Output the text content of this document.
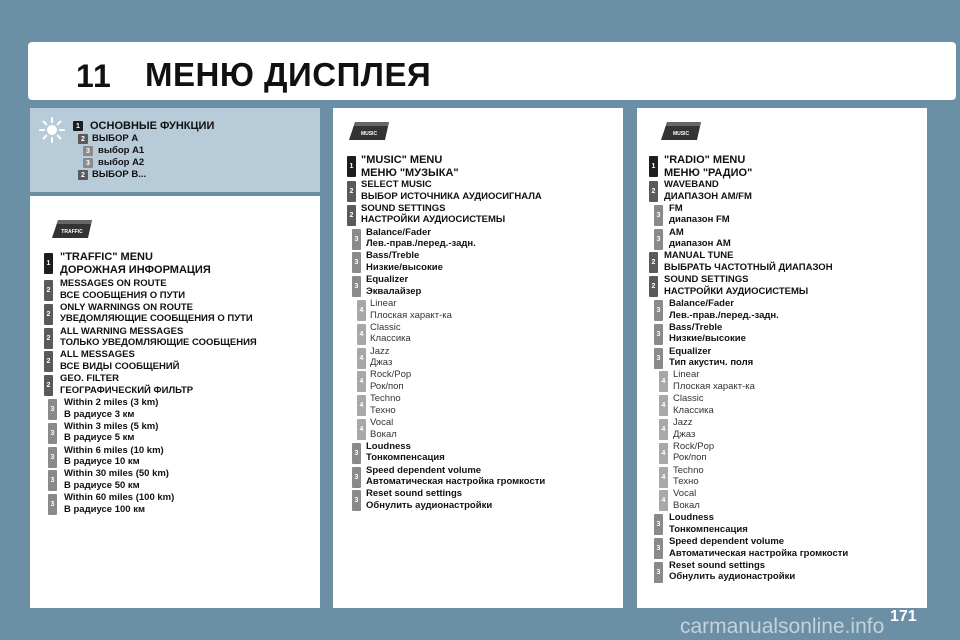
11 МЕНЮ ДИСПЛЕЯ
1 ОСНОВНЫЕ ФУНКЦИИ
2 ВЫБОР A
3 выбор A1
3 выбор A2
2 ВЫБОР B...
TRAFFIC
1
"TRAFFIC" MENU
ДОРОЖНАЯ ИНФОРМАЦИЯ
2
MESSAGES ON ROUTE
ВСЕ СООБЩЕНИЯ О ПУТИ
2
ONLY WARNINGS ON ROUTE
УВЕДОМЛЯЮЩИЕ СООБЩЕНИЯ О ПУТИ
2
ALL WARNING MESSAGES
ТОЛЬКО УВЕДОМЛЯЮЩИЕ СООБЩЕНИЯ
2
ALL MESSAGES
ВСЕ ВИДЫ СООБЩЕНИЙ
2
GEO. FILTER
ГЕОГРАФИЧЕСКИЙ ФИЛЬТР
3
Within 2 miles (3 km)
В радиусе 3 км
3
Within 3 miles (5 km)
В радиусе 5 км
3
Within 6 miles (10 km)
В радиусе 10 км
3
Within 30 miles (50 km)
В радиусе 50 км
3
Within 60 miles (100 km)
В радиусе 100 км
MUSIC
1
"MUSIC" MENU
МЕНЮ "МУЗЫКА"
2
SELECT MUSIC
ВЫБОР ИСТОЧНИКА АУДИОСИГНАЛА
2
SOUND SETTINGS
НАСТРОЙКИ АУДИОСИСТЕМЫ
3
Balance/Fader
Лев.-прав./перед.-задн.
3
Bass/Treble
Низкие/высокие
3
Equalizer
Эквалайзер
4
Linear
Плоская характ-ка
4
Classic
Классика
4
Jazz
Джаз
4
Rock/Pop
Рок/поп
4
Techno
Техно
4
Vocal
Вокал
3
Loudness
Тонкомпенсация
3
Speed dependent volume
Автоматическая настройка громкости
3
Reset sound settings
Обнулить аудионастройки
MUSIC
1
"RADIO" MENU
МЕНЮ "РАДИО"
2
WAVEBAND
ДИАПАЗОН AM/FM
3
FM
диапазон FM
3
AM
диапазон AM
2
MANUAL TUNE
ВЫБРАТЬ ЧАСТОТНЫЙ ДИАПАЗОН
2
SOUND SETTINGS
НАСТРОЙКИ АУДИОСИСТЕМЫ
3
Balance/Fader
Лев.-прав./перед.-задн.
3
Bass/Treble
Низкие/высокие
3
Equalizer
Тип акустич. поля
4
Linear
Плоская характ-ка
4
Classic
Классика
4
Jazz
Джаз
4
Rock/Pop
Рок/поп
4
Techno
Техно
4
Vocal
Вокал
3
Loudness
Тонкомпенсация
3
Speed dependent volume
Автоматическая настройка громкости
3
Reset sound settings
Обнулить аудионастройки
carmanualsonline.info 171
